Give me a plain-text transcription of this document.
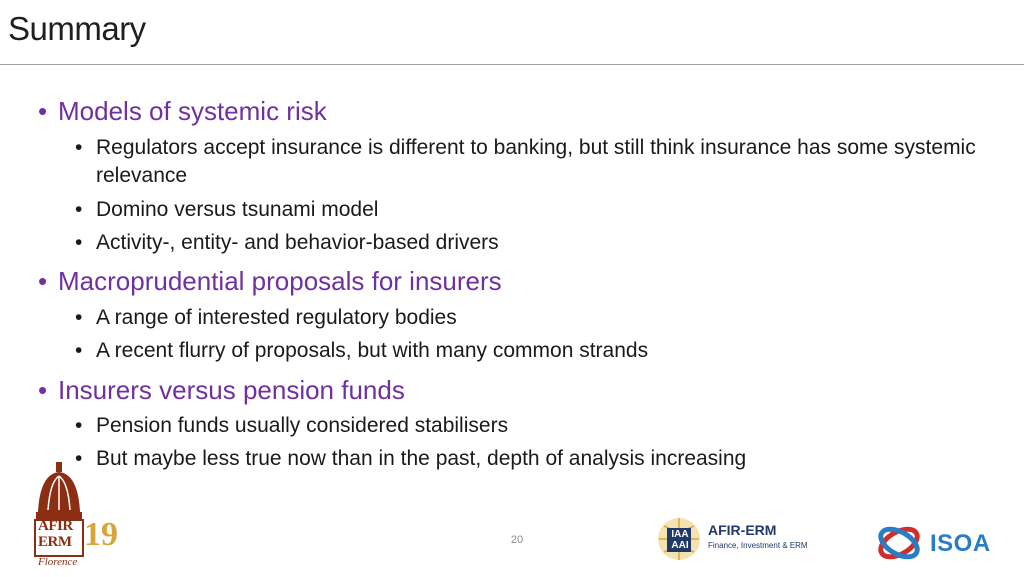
Summary
• Models of systemic risk
• Regulators accept insurance is different to banking, but still think insurance has some systemic relevance
• Domino versus tsunami model
• Activity-, entity- and behavior-based drivers
• Macroprudential proposals for insurers
• A range of interested regulatory bodies
• A recent flurry of proposals, but with many common strands
• Insurers versus pension funds
• Pension funds usually considered stabilisers
• But maybe less true now than in the past, depth of analysis increasing
AFIR
ERM 19
Florence
20	IAA
AAI
AFIR-ERM
Finance, Investment & ERM	ISOA
